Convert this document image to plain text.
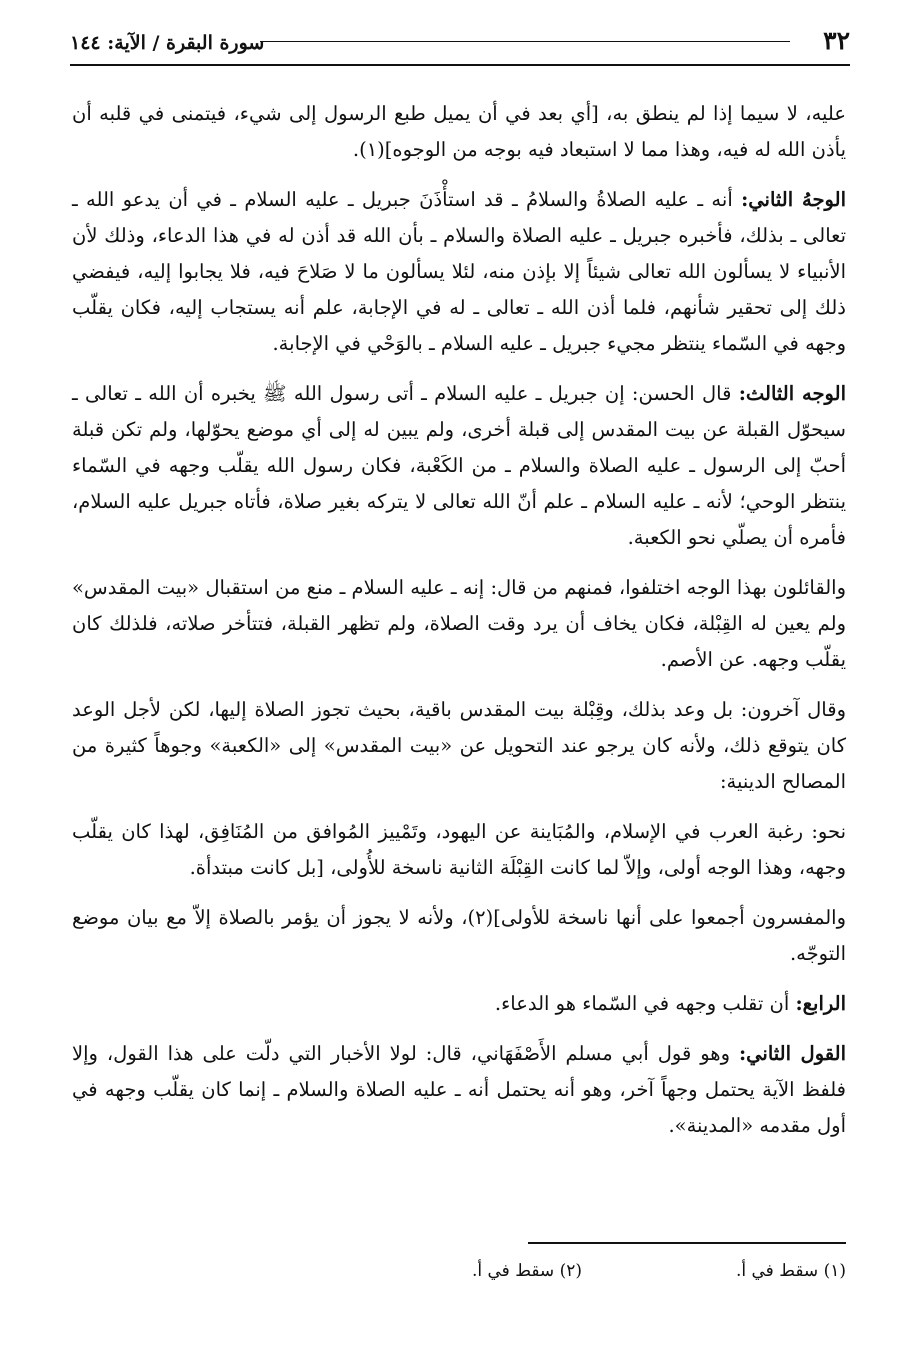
٣٢
سورة البقرة / الآية: ١٤٤

عليه، لا سيما إذا لم ينطق به، [أي بعد في أن يميل طبع الرسول إلى شيء، فيتمنى في قلبه أن يأذن الله له فيه، وهذا مما لا استبعاد فيه بوجه من الوجوه](١).

الوجهُ الثاني: أنه ـ عليه الصلاةُ والسلامُ ـ قد استأْذَنَ جبريل ـ عليه السلام ـ في أن يدعو الله ـ تعالى ـ بذلك، فأخبره جبريل ـ عليه الصلاة والسلام ـ بأن الله قد أذن له في هذا الدعاء، وذلك لأن الأنبياء لا يسألون الله تعالى شيئاً إلا بإذن منه، لئلا يسألون ما لا صَلاحَ فيه، فلا يجابوا إليه، فيفضي ذلك إلى تحقير شأنهم، فلما أذن الله ـ تعالى ـ له في الإجابة، علم أنه يستجاب إليه، فكان يقلّب وجهه في السّماء ينتظر مجيء جبريل ـ عليه السلام ـ بالوَحْي في الإجابة.

الوجه الثالث: قال الحسن: إن جبريل ـ عليه السلام ـ أتى رسول الله ﷺ يخبره أن الله ـ تعالى ـ سيحوّل القبلة عن بيت المقدس إلى قبلة أخرى، ولم يبين له إلى أي موضع يحوّلها، ولم تكن قبلة أحبّ إلى الرسول ـ عليه الصلاة والسلام ـ من الكَعْبة، فكان رسول الله يقلّب وجهه في السّماء ينتظر الوحي؛ لأنه ـ عليه السلام ـ علم أنّ الله تعالى لا يتركه بغير صلاة، فأتاه جبريل عليه السلام، فأمره أن يصلّي نحو الكعبة.

والقائلون بهذا الوجه اختلفوا، فمنهم من قال: إنه ـ عليه السلام ـ منع من استقبال «بيت المقدس» ولم يعين له القِبْلة، فكان يخاف أن يرد وقت الصلاة، ولم تظهر القبلة، فتتأخر صلاته، فلذلك كان يقلّب وجهه. عن الأصم.

وقال آخرون: بل وعد بذلك، وقِبْلة بيت المقدس باقية، بحيث تجوز الصلاة إليها، لكن لأجل الوعد كان يتوقع ذلك، ولأنه كان يرجو عند التحويل عن «بيت المقدس» إلى «الكعبة» وجوهاً كثيرة من المصالح الدينية:

نحو: رغبة العرب في الإسلام، والمُبَاينة عن اليهود، وتَمْييز المُوافق من المُنَافِق، لهذا كان يقلّب وجهه، وهذا الوجه أولى، وإلاّ لما كانت القِبْلَة الثانية ناسخة للأُولى، [بل كانت مبتدأة.

والمفسرون أجمعوا على أنها ناسخة للأولى](٢)، ولأنه لا يجوز أن يؤمر بالصلاة إلاّ مع بيان موضع التوجّه.

الرابع: أن تقلب وجهه في السّماء هو الدعاء.

القول الثاني: وهو قول أبي مسلم الأَصْفَهَاني، قال: لولا الأخبار التي دلّت على هذا القول، وإلا فلفظ الآية يحتمل وجهاً آخر، وهو أنه يحتمل أنه ـ عليه الصلاة والسلام ـ إنما كان يقلّب وجهه في أول مقدمه «المدينة».

(١) سقط في أ.
(٢) سقط في أ.
